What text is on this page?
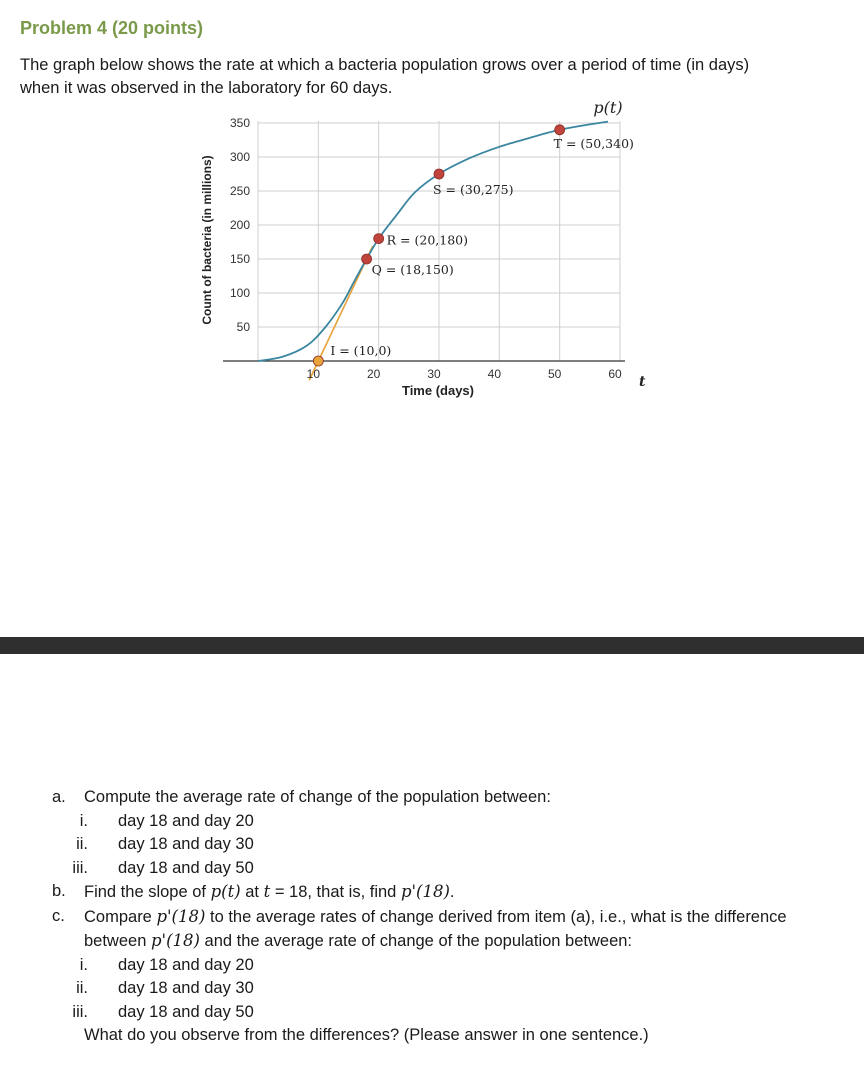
Problem 4 (20 points)
The graph below shows the rate at which a bacteria population grows over a period of time (in days)
when it was observed in the laboratory for 60 days.
50
100
150
200
250
300
350
10	20	30	40	50	60
Time (days)
Count of bacteria (in millions)
t
p(t)
I = (10,0)
Q = (18,150)
R = (20,180)
S = (30,275)
T = (50,340)
a.	Compute the average rate of change of the population between:
i.	day 18 and day 20
ii.	day 18 and day 30
iii.	day 18 and day 50
b.	Find the slope of p(t) at t = 18, that is, find p'(18).
c.	Compare p'(18) to the average rates of change derived from item (a), i.e., what is the difference
between p'(18) and the average rate of change of the population between:
i.	day 18 and day 20
ii.	day 18 and day 30
iii.	day 18 and day 50
What do you observe from the differences? (Please answer in one sentence.)
